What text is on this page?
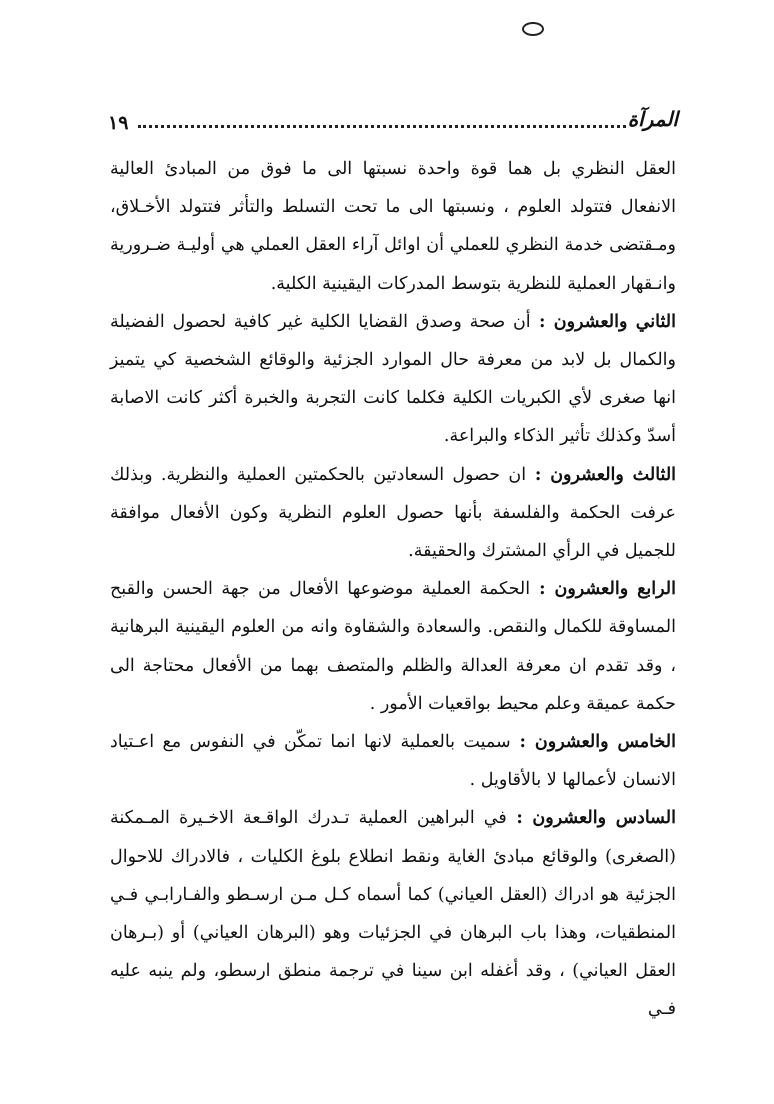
١٩	المرآة

العقل النظري بل هما قوة واحدة نسبتها الى ما فوق من المبادئ العالية الانفعال فتتولد العلوم ، ونسبتها الى ما تحت التسلط والتأثر فتتولد الأخـلاق، ومـقتضى خدمة النظري للعملي أن اوائل آراء العقل العملي هي أوليـة ضـرورية وانـقهار العملية للنظرية بتوسط المدركات اليقينية الكلية.

الثاني والعشرون : أن صحة وصدق القضايا الكلية غير كافية لحصول الفضيلة والكمال بل لابد من معرفة حال الموارد الجزئية والوقائع الشخصية كي يتميز انها صغرى لأي الكبريات الكلية فكلما كانت التجربة والخبرة أكثر كانت الاصابة أسدّ وكذلك تأثير الذكاء والبراعة.

الثالث والعشرون : ان حصول السعادتين بالحكمتين العملية والنظرية. وبذلك عرفت الحكمة والفلسفة بأنها حصول العلوم النظرية وكون الأفعال موافقة للجميل في الرأي المشترك والحقيقة.

الرابع والعشرون : الحكمة العملية موضوعها الأفعال من جهة الحسن والقبح المساوقة للكمال والنقص. والسعادة والشقاوة وانه من العلوم اليقينية البرهانية ، وقد تقدم ان معرفة العدالة والظلم والمتصف بهما من الأفعال محتاجة الى حكمة عميقة وعلم محيط بواقعيات الأمور .

الخامس والعشرون : سميت بالعملية لانها انما تمكّن في النفوس مع اعـتياد الانسان لأعمالها لا بالأقاويل .

السادس والعشرون : في البراهين العملية تـدرك الواقـعة الاخـيرة المـمكنة (الصغرى) والوقائع مبادئ الغاية ونقط انطلاع بلوغ الكليات ، فالادراك للاحوال الجزئية هو ادراك (العقل العياني) كما أسماه كـل مـن ارسـطو والفـارابـي فـي المنطقيات، وهذا باب البرهان في الجزئيات وهو (البرهان العياني) أو (بـرهان العقل العياني) ، وقد أغفله ابن سينا في ترجمة منطق ارسطو، ولم ينبه عليه فـي
